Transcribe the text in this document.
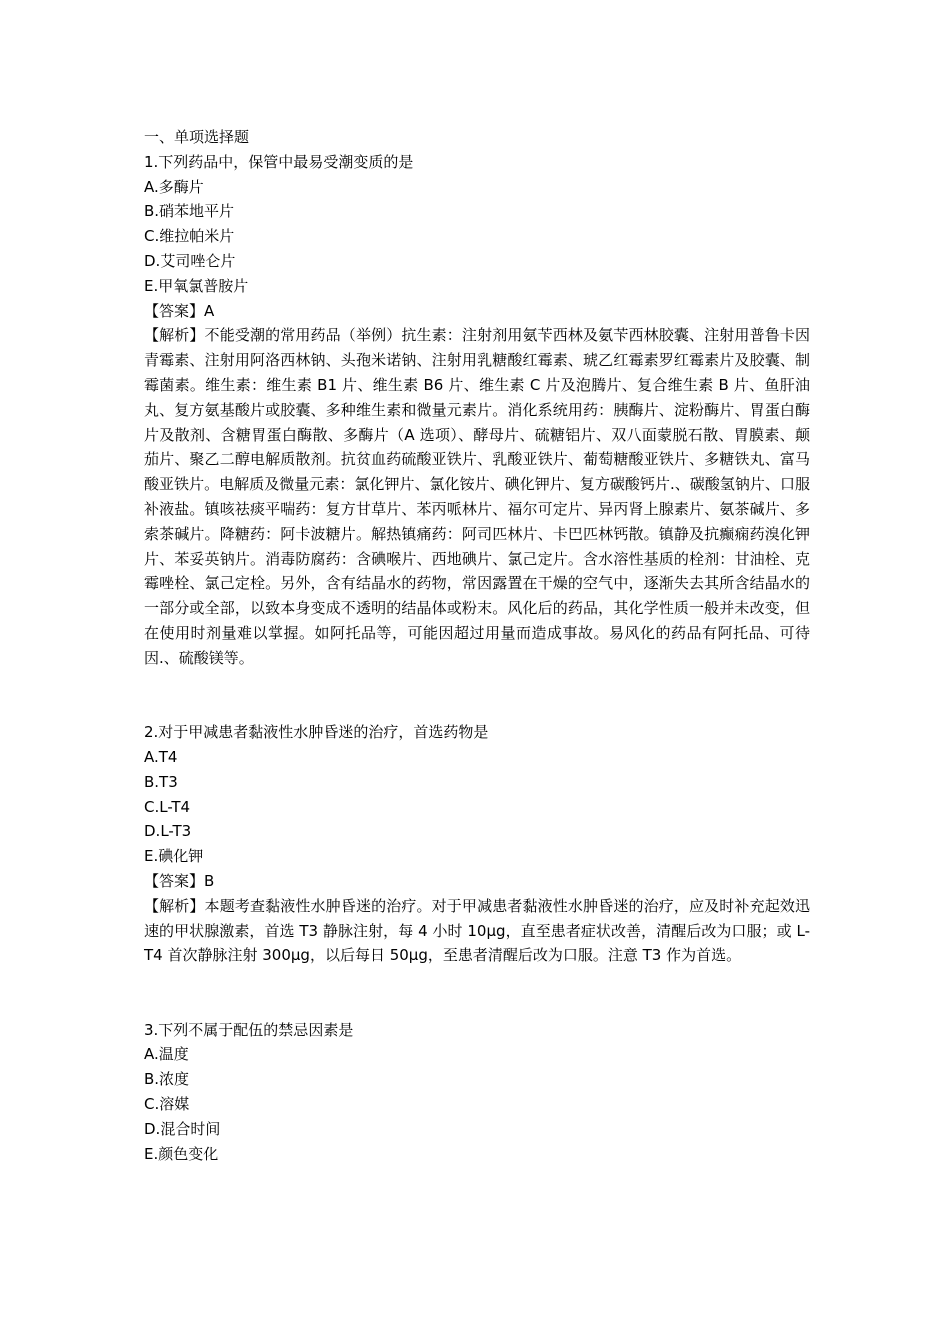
一、单项选择题

1.下列药品中，保管中最易受潮变质的是

A.多酶片

B.硝苯地平片

C.维拉帕米片

D.艾司唑仑片

E.甲氧氯普胺片

【答案】A

【解析】不能受潮的常用药品（举例）抗生素：注射剂用氨苄西林及氨苄西林胶囊、注射用普鲁卡因青霉素、注射用阿洛西林钠、头孢米诺钠、注射用乳糖酸红霉素、琥乙红霉素罗红霉素片及胶囊、制霉菌素。维生素：维生素 B1 片、维生素 B6 片、维生素 C 片及泡腾片、复合维生素 B 片、鱼肝油丸、复方氨基酸片或胶囊、多种维生素和微量元素片。消化系统用药：胰酶片、淀粉酶片、胃蛋白酶片及散剂、含糖胃蛋白酶散、多酶片（A 选项）、酵母片、硫糖铝片、双八面蒙脱石散、胃膜素、颠茄片、聚乙二醇电解质散剂。抗贫血药硫酸亚铁片、乳酸亚铁片、葡萄糖酸亚铁片、多糖铁丸、富马酸亚铁片。电解质及微量元素：氯化钾片、氯化铵片、碘化钾片、复方碳酸钙片.、碳酸氢钠片、口服补液盐。镇咳祛痰平喘药：复方甘草片、苯丙哌林片、福尔可定片、异丙肾上腺素片、氨茶碱片、多索茶碱片。降糖药：阿卡波糖片。解热镇痛药：阿司匹林片、卡巴匹林钙散。镇静及抗癫痫药溴化钾片、苯妥英钠片。消毒防腐药：含碘喉片、西地碘片、氯己定片。含水溶性基质的栓剂：甘油栓、克霉唑栓、氯己定栓。另外，含有结晶水的药物，常因露置在干燥的空气中，逐渐失去其所含结晶水的一部分或全部，以致本身变成不透明的结晶体或粉末。风化后的药品，其化学性质一般并未改变，但在使用时剂量难以掌握。如阿托品等，可能因超过用量而造成事故。易风化的药品有阿托品、可待因.、硫酸镁等。

2.对于甲减患者黏液性水肿昏迷的治疗，首选药物是

A.T4

B.T3

C.L-T4

D.L-T3

E.碘化钾

【答案】B

【解析】本题考查黏液性水肿昏迷的治疗。对于甲减患者黏液性水肿昏迷的治疗，应及时补充起效迅速的甲状腺激素，首选 T3 静脉注射，每 4 小时 10μg，直至患者症状改善，清醒后改为口服；或 L-T4 首次静脉注射 300μg，以后每日 50μg，至患者清醒后改为口服。注意 T3 作为首选。

3.下列不属于配伍的禁忌因素是

A.温度

B.浓度

C.溶媒

D.混合时间

E.颜色变化
